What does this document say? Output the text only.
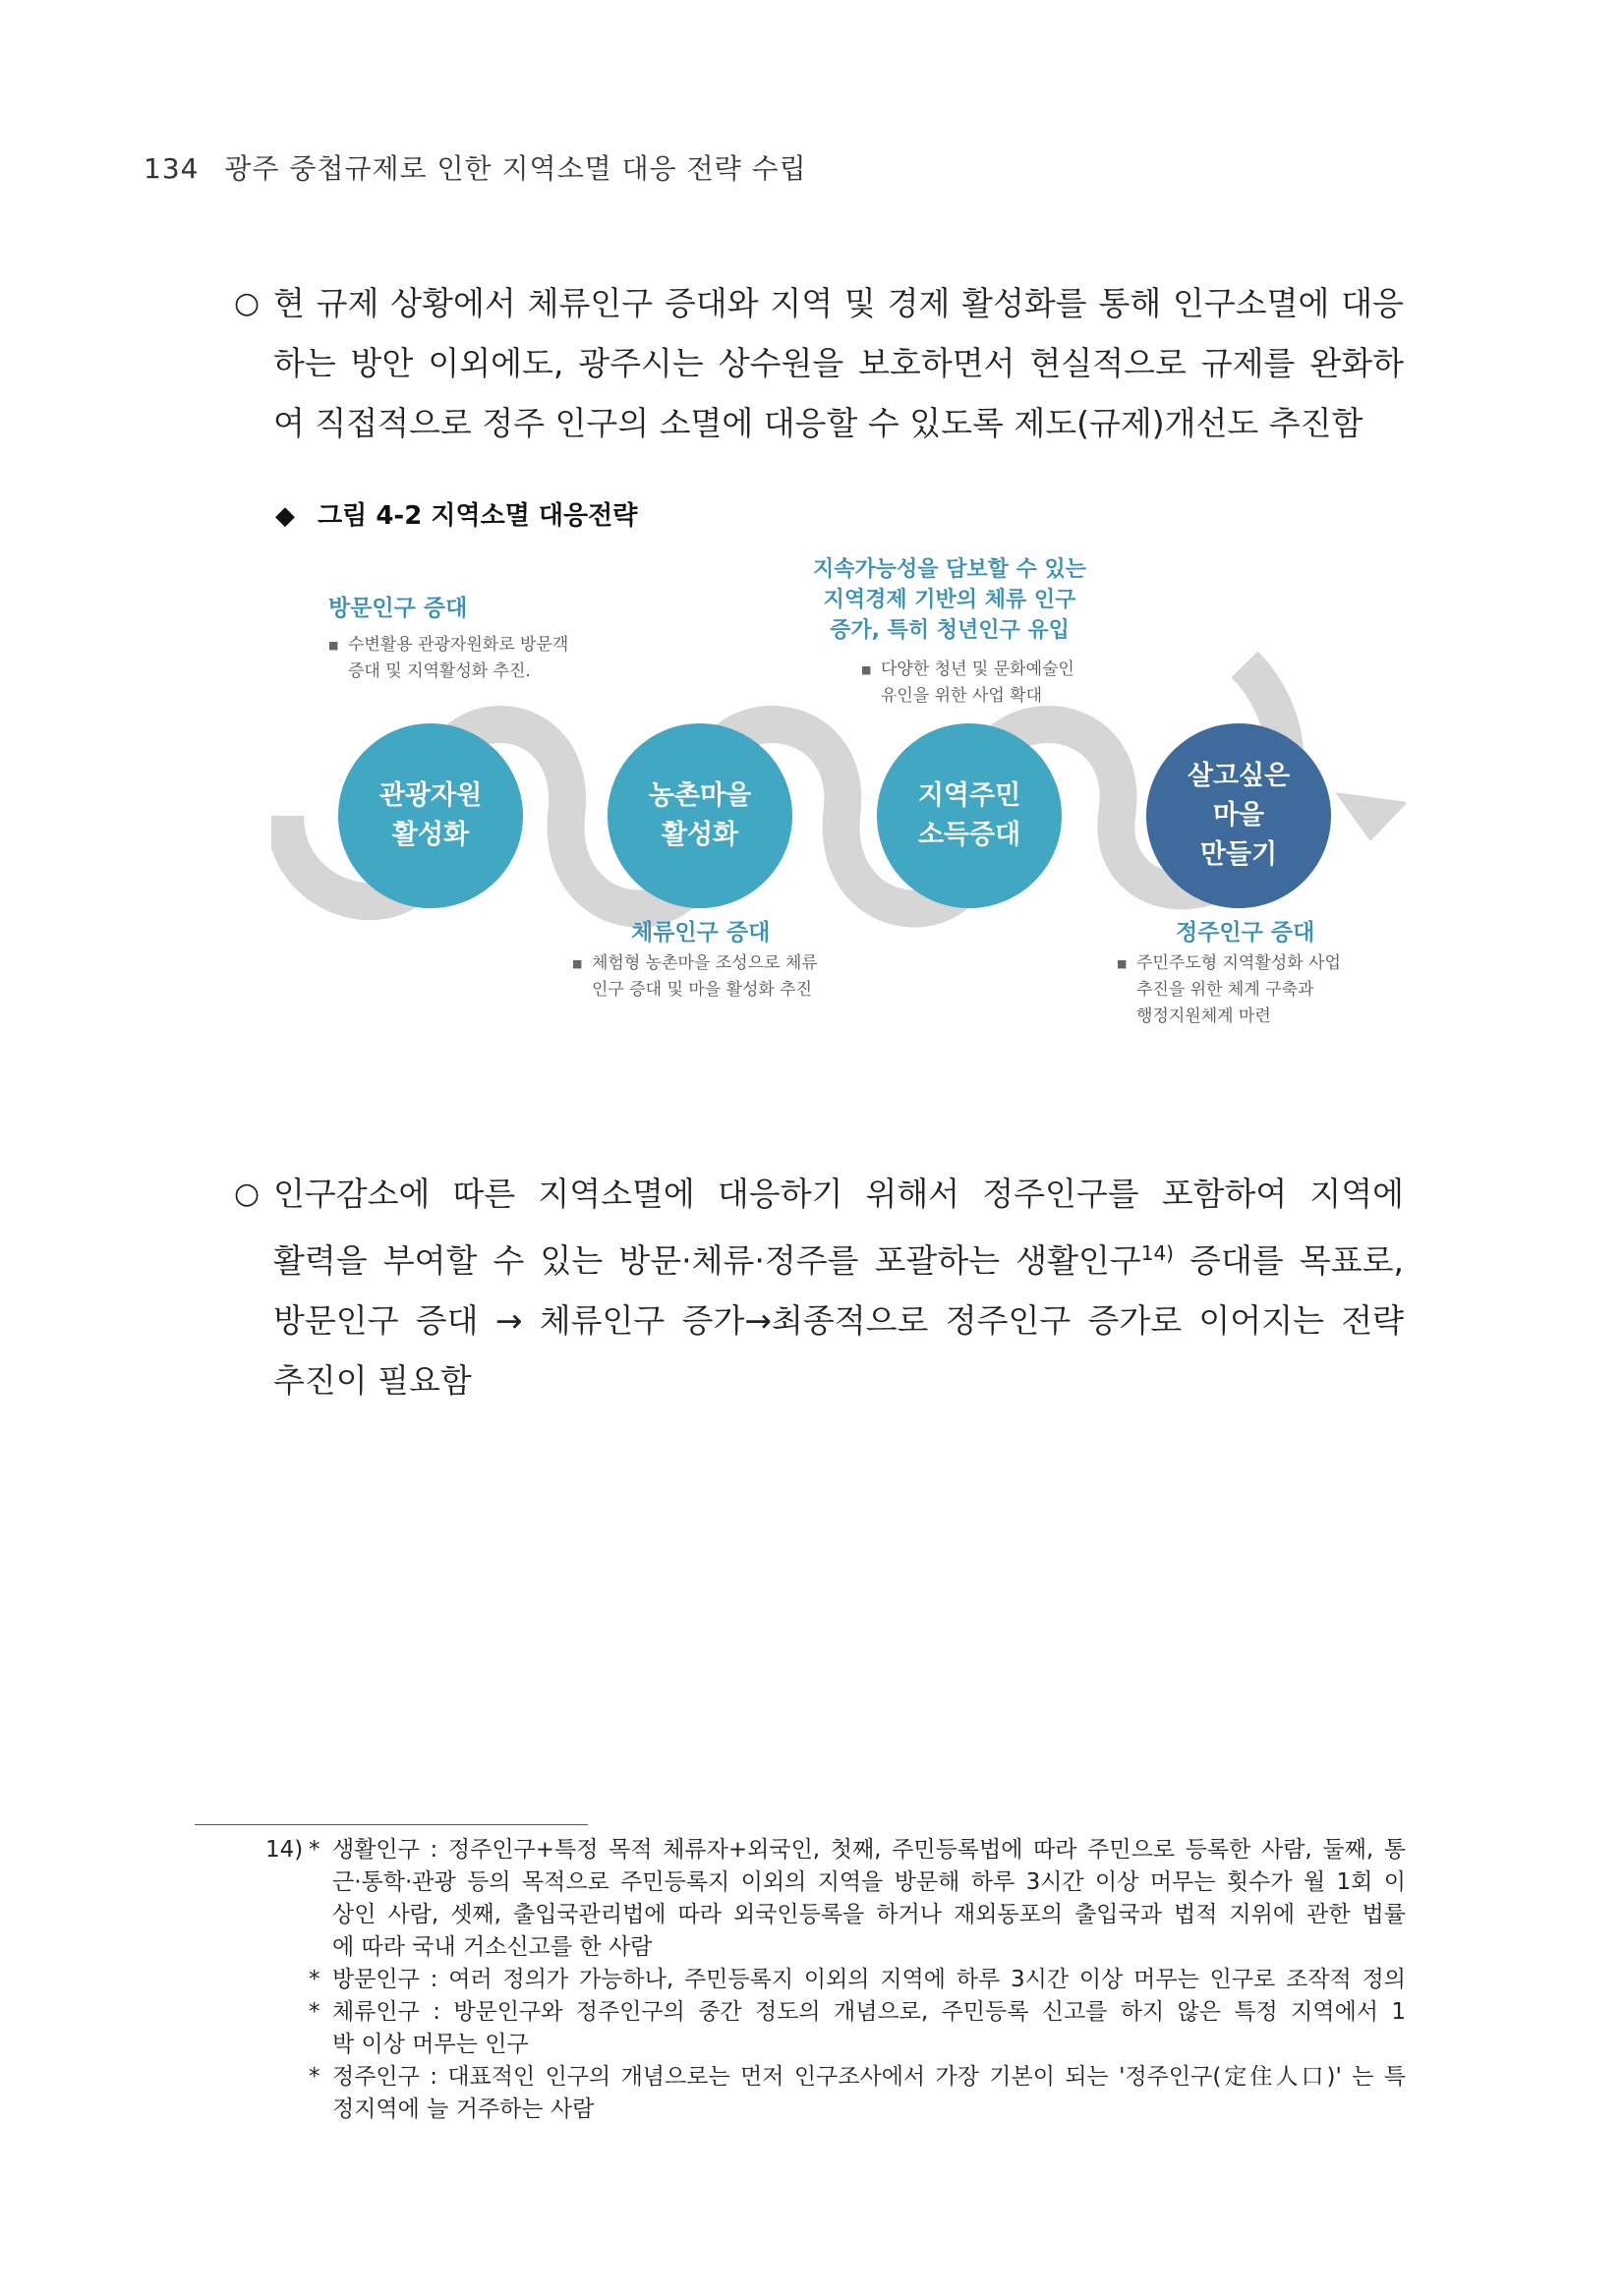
134 광주 중첩규제로 인한 지역소멸 대응 전략 수립
○ 현 규제 상황에서 체류인구 증대와 지역 및 경제 활성화를 통해 인구소멸에 대응
하는 방안 이외에도, 광주시는 상수원을 보호하면서 현실적으로 규제를 완화하
여 직접적으로 정주 인구의 소멸에 대응할 수 있도록 제도(규제)개선도 추진함
◆ 그림 4-2 지역소멸 대응전략
관광자원
활성화
농촌마을
활성화
지역주민
소득증대
살고싶은
마을
만들기
방문인구 증대
■ 수변활용 관광자원화로 방문객
증대 및 지역활성화 추진.
지속가능성을 담보할 수 있는
지역경제 기반의 체류 인구
증가, 특히 청년인구 유입
■ 다양한 청년 및 문화예술인
유인을 위한 사업 확대
체류인구 증대
■ 체험형 농촌마을 조성으로 체류
인구 증대 및 마을 활성화 추진
정주인구 증대
■ 주민주도형 지역활성화 사업
추진을 위한 체계 구축과
행정지원체계 마련
○ 인구감소에 따른 지역소멸에 대응하기 위해서 정주인구를 포함하여 지역에
활력을 부여할 수 있는 방문·체류·정주를 포괄하는 생활인구$^{14)}$ 증대를 목표로,
방문인구 증대 → 체류인구 증가→최종적으로 정주인구 증가로 이어지는 전략
추진이 필요함
14) * 생활인구 : 정주인구+특정 목적 체류자+외국인, 첫째, 주민등록법에 따라 주민으로 등록한 사람, 둘째, 통
근·통학·관광 등의 목적으로 주민등록지 이외의 지역을 방문해 하루 3시간 이상 머무는 횟수가 월 1회 이
상인 사람, 셋째, 출입국관리법에 따라 외국인등록을 하거나 재외동포의 출입국과 법적 지위에 관한 법률
에 따라 국내 거소신고를 한 사람
* 방문인구 : 여러 정의가 가능하나, 주민등록지 이외의 지역에 하루 3시간 이상 머무는 인구로 조작적 정의
* 체류인구 : 방문인구와 정주인구의 중간 정도의 개념으로, 주민등록 신고를 하지 않은 특정 지역에서 1
박 이상 머무는 인구
* 정주인구 : 대표적인 인구의 개념으로는 먼저 인구조사에서 가장 기본이 되는 '정주인구(定住人口)' 는 특
정지역에 늘 거주하는 사람
